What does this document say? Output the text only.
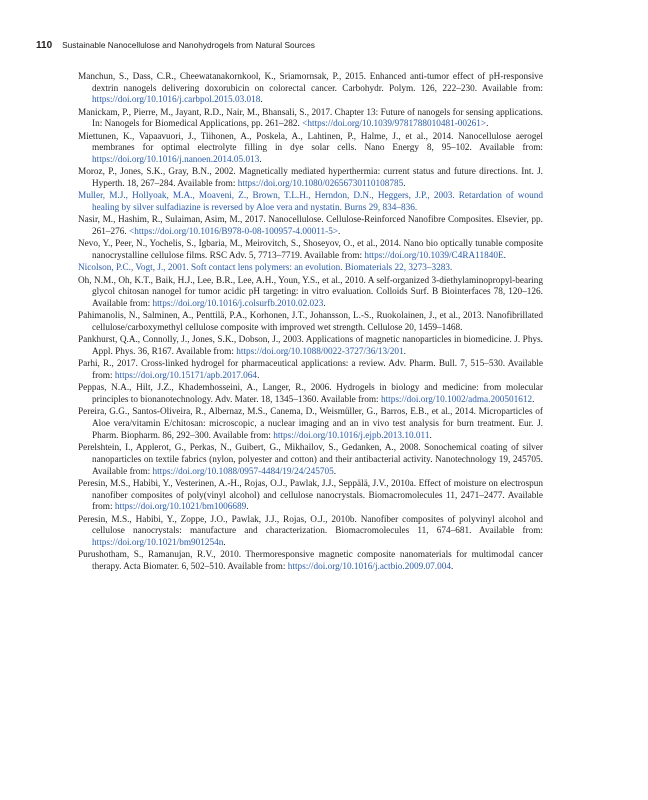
110 Sustainable Nanocellulose and Nanohydrogels from Natural Sources

Manchun, S., Dass, C.R., Cheewatanakornkool, K., Sriamornsak, P., 2015. Enhanced anti-tumor effect of pH-responsive dextrin nanogels delivering doxorubicin on colorectal cancer. Carbohydr. Polym. 126, 222–230. Available from: https://doi.org/10.1016/j.carbpol.2015.03.018.

Manickam, P., Pierre, M., Jayant, R.D., Nair, M., Bhansali, S., 2017. Chapter 13: Future of nanogels for sensing applications. In: Nanogels for Biomedical Applications, pp. 261–282. <https://doi.org/10.1039/9781788010481-00261>.

Miettunen, K., Vapaavuori, J., Tiihonen, A., Poskela, A., Lahtinen, P., Halme, J., et al., 2014. Nanocellulose aerogel membranes for optimal electrolyte filling in dye solar cells. Nano Energy 8, 95–102. Available from: https://doi.org/10.1016/j.nanoen.2014.05.013.

Moroz, P., Jones, S.K., Gray, B.N., 2002. Magnetically mediated hyperthermia: current status and future directions. Int. J. Hyperth. 18, 267–284. Available from: https://doi.org/10.1080/02656730110108785.

Muller, M.J., Hollyoak, M.A., Moaveni, Z., Brown, T.L.H., Herndon, D.N., Heggers, J.P., 2003. Retardation of wound healing by silver sulfadiazine is reversed by Aloe vera and nystatin. Burns 29, 834–836.

Nasir, M., Hashim, R., Sulaiman, Asim, M., 2017. Nanocellulose. Cellulose-Reinforced Nanofibre Composites. Elsevier, pp. 261–276. <https://doi.org/10.1016/B978-0-08-100957-4.00011-5>.

Nevo, Y., Peer, N., Yochelis, S., Igbaria, M., Meirovitch, S., Shoseyov, O., et al., 2014. Nano bio optically tunable composite nanocrystalline cellulose films. RSC Adv. 5, 7713–7719. Available from: https://doi.org/10.1039/C4RA11840E.

Nicolson, P.C., Vogt, J., 2001. Soft contact lens polymers: an evolution. Biomaterials 22, 3273–3283.

Oh, N.M., Oh, K.T., Baik, H.J., Lee, B.R., Lee, A.H., Youn, Y.S., et al., 2010. A self-organized 3-diethylaminopropyl-bearing glycol chitosan nanogel for tumor acidic pH targeting: in vitro evaluation. Colloids Surf. B Biointerfaces 78, 120–126. Available from: https://doi.org/10.1016/j.colsurfb.2010.02.023.

Pahimanolis, N., Salminen, A., Penttilä, P.A., Korhonen, J.T., Johansson, L.-S., Ruokolainen, J., et al., 2013. Nanofibrillated cellulose/carboxymethyl cellulose composite with improved wet strength. Cellulose 20, 1459–1468.

Pankhurst, Q.A., Connolly, J., Jones, S.K., Dobson, J., 2003. Applications of magnetic nanoparticles in biomedicine. J. Phys. Appl. Phys. 36, R167. Available from: https://doi.org/10.1088/0022-3727/36/13/201.

Parhi, R., 2017. Cross-linked hydrogel for pharmaceutical applications: a review. Adv. Pharm. Bull. 7, 515–530. Available from: https://doi.org/10.15171/apb.2017.064.

Peppas, N.A., Hilt, J.Z., Khademhosseini, A., Langer, R., 2006. Hydrogels in biology and medicine: from molecular principles to bionanotechnology. Adv. Mater. 18, 1345–1360. Available from: https://doi.org/10.1002/adma.200501612.

Pereira, G.G., Santos-Oliveira, R., Albernaz, M.S., Canema, D., Weismüller, G., Barros, E.B., et al., 2014. Microparticles of Aloe vera/vitamin E/chitosan: microscopic, a nuclear imaging and an in vivo test analysis for burn treatment. Eur. J. Pharm. Biopharm. 86, 292–300. Available from: https://doi.org/10.1016/j.ejpb.2013.10.011.

Perelshtein, I., Applerot, G., Perkas, N., Guibert, G., Mikhailov, S., Gedanken, A., 2008. Sonochemical coating of silver nanoparticles on textile fabrics (nylon, polyester and cotton) and their antibacterial activity. Nanotechnology 19, 245705. Available from: https://doi.org/10.1088/0957-4484/19/24/245705.

Peresin, M.S., Habibi, Y., Vesterinen, A.-H., Rojas, O.J., Pawlak, J.J., Seppälä, J.V., 2010a. Effect of moisture on electrospun nanofiber composites of poly(vinyl alcohol) and cellulose nanocrystals. Biomacromolecules 11, 2471–2477. Available from: https://doi.org/10.1021/bm1006689.

Peresin, M.S., Habibi, Y., Zoppe, J.O., Pawlak, J.J., Rojas, O.J., 2010b. Nanofiber composites of polyvinyl alcohol and cellulose nanocrystals: manufacture and characterization. Biomacromolecules 11, 674–681. Available from: https://doi.org/10.1021/bm901254n.

Purushotham, S., Ramanujan, R.V., 2010. Thermoresponsive magnetic composite nanomaterials for multimodal cancer therapy. Acta Biomater. 6, 502–510. Available from: https://doi.org/10.1016/j.actbio.2009.07.004.
